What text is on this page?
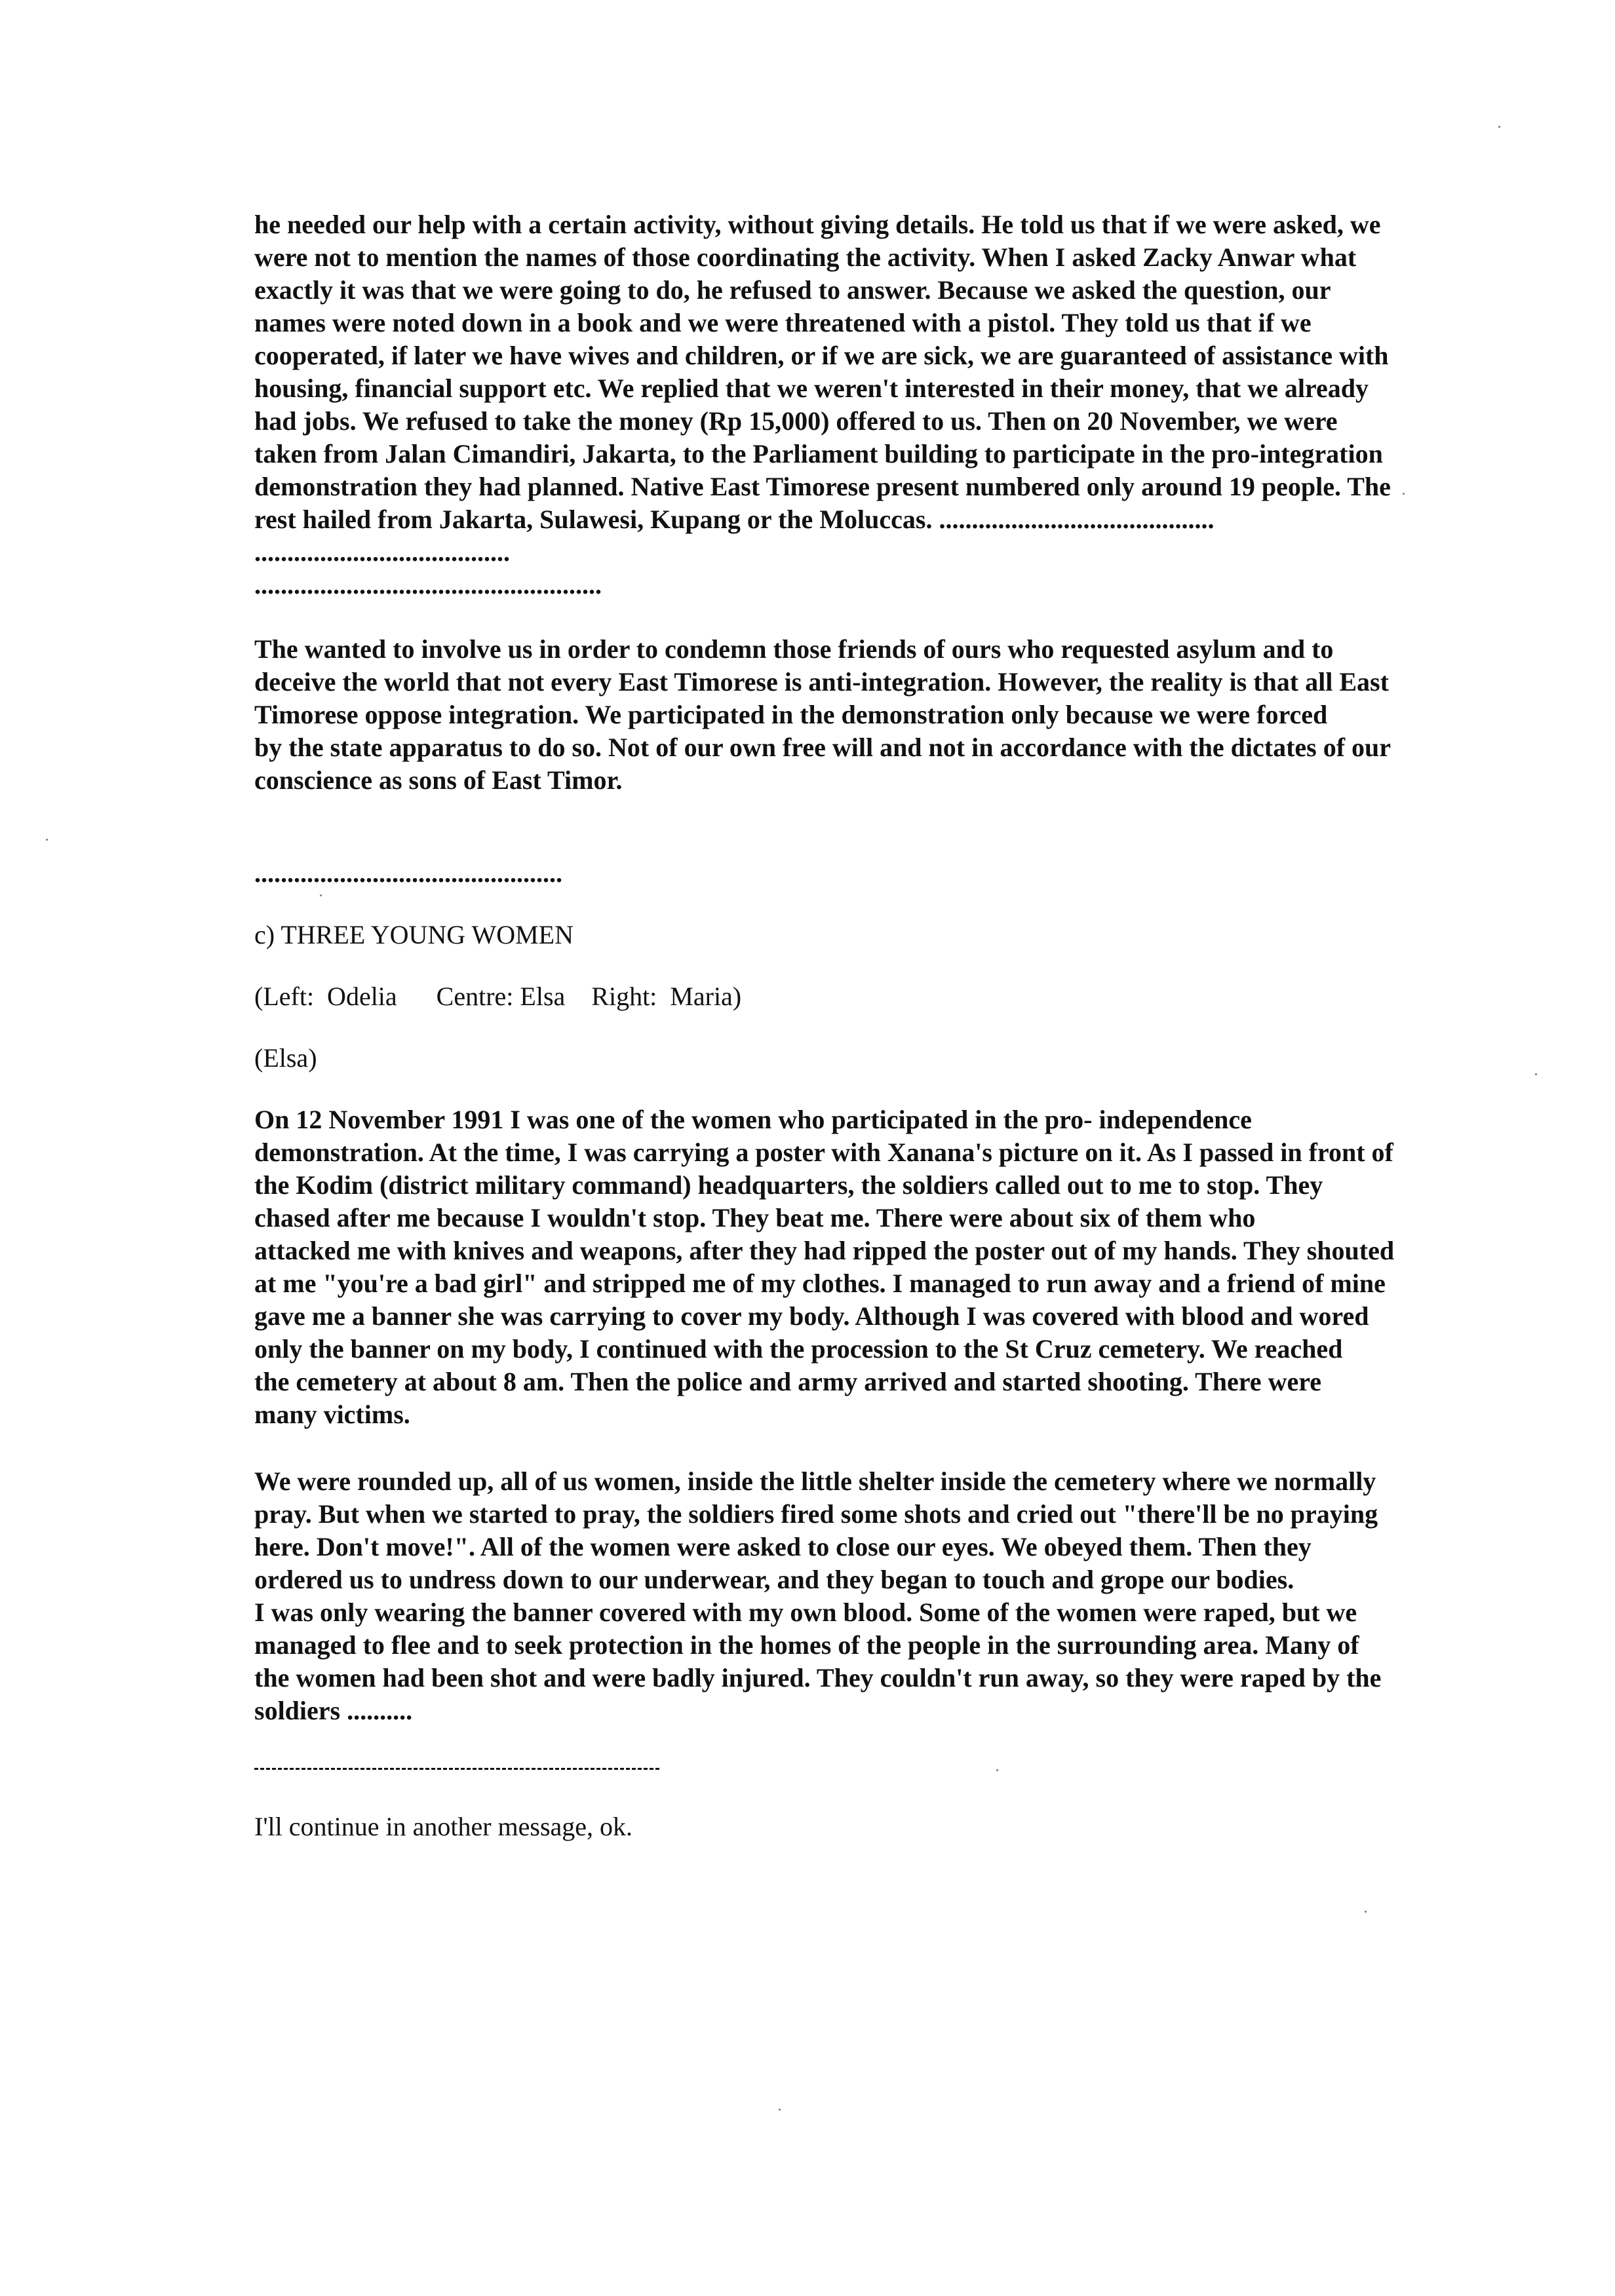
he needed our help with a certain activity, without giving details. He told us that if we were asked, we
were not to mention the names of those coordinating the activity. When I asked Zacky Anwar what
exactly it was that we were going to do, he refused to answer. Because we asked the question, our
names were noted down in a book and we were threatened with a pistol. They told us that if we
cooperated, if later we have wives and children, or if we are sick, we are guaranteed of assistance with
housing, financial support etc. We replied that we weren't interested in their money, that we already
had jobs. We refused to take the money (Rp 15,000) offered to us. Then on 20 November, we were
taken from Jalan Cimandiri, Jakarta, to the Parliament building to participate in the pro-integration
demonstration they had planned. Native East Timorese present numbered only around 19 people. The
rest hailed from Jakarta, Sulawesi, Kupang or the Moluccas. ..........................................

.......................................

.....................................................

The wanted to involve us in order to condemn those friends of ours who requested asylum and to
deceive the world that not every East Timorese is anti-integration. However, the reality is that all East
Timorese oppose integration. We participated in the demonstration only because we were forced
by the state apparatus to do so. Not of our own free will and not in accordance with the dictates of our
conscience as sons of East Timor.

...............................................

c) THREE YOUNG WOMEN

(Left:  Odelia      Centre: Elsa    Right:  Maria)

(Elsa)

On 12 November 1991 I was one of the women who participated in the pro- independence
demonstration. At the time, I was carrying a poster with Xanana's picture on it. As I passed in front of
the Kodim (district military command) headquarters, the soldiers called out to me to stop. They
chased after me because I wouldn't stop. They beat me. There were about six of them who
attacked me with knives and weapons, after they had ripped the poster out of my hands. They shouted
at me "you're a bad girl" and stripped me of my clothes. I managed to run away and a friend of mine
gave me a banner she was carrying to cover my body. Although I was covered with blood and wored
only the banner on my body, I continued with the procession to the St Cruz cemetery. We reached
the cemetery at about 8 am. Then the police and army arrived and started shooting. There were
many victims.

We were rounded up, all of us women, inside the little shelter inside the cemetery where we normally
pray. But when we started to pray, the soldiers fired some shots and cried out "there'll be no praying
here. Don't move!". All of the women were asked to close our eyes. We obeyed them. Then they
ordered us to undress down to our underwear, and they began to touch and grope our bodies.
I was only wearing the banner covered with my own blood. Some of the women were raped, but we
managed to flee and to seek protection in the homes of the people in the surrounding area. Many of
the women had been shot and were badly injured. They couldn't run away, so they were raped by the
soldiers ..........

I'll continue in another message, ok.
